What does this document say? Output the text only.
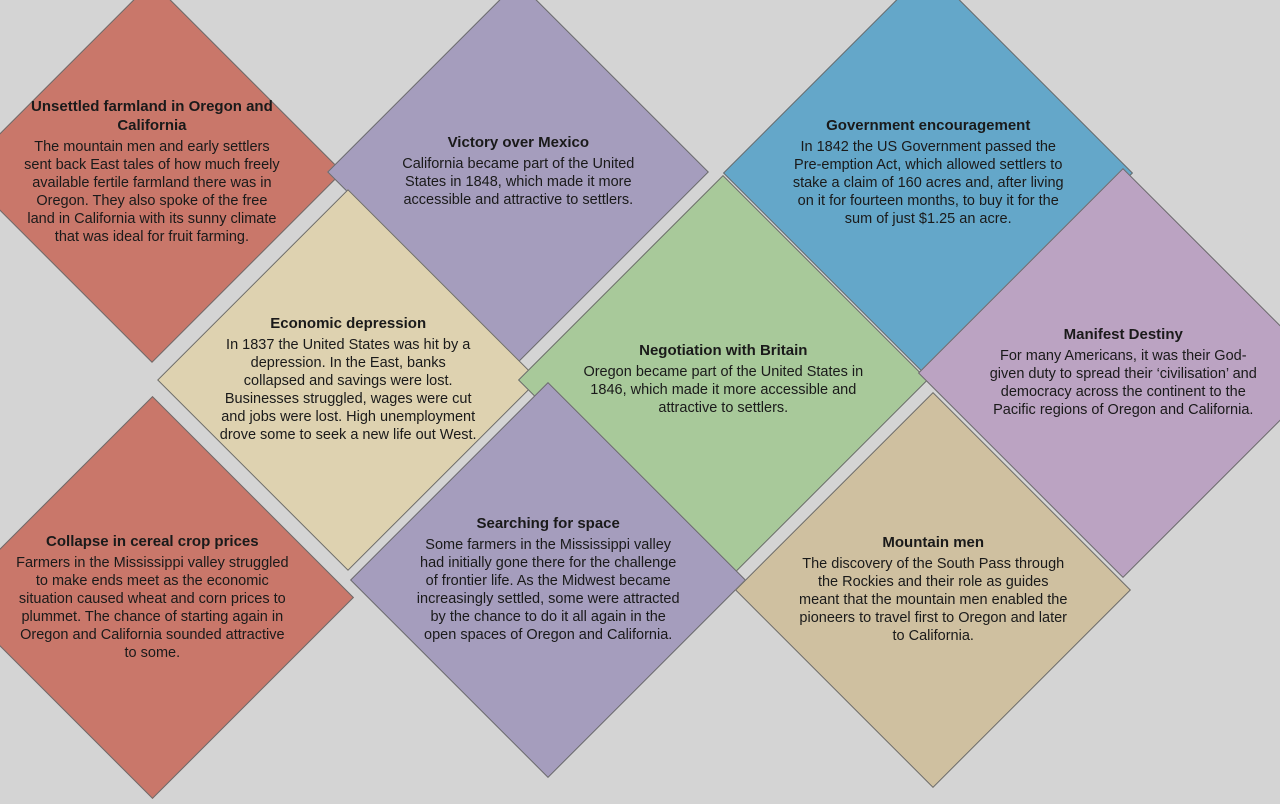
Unsettled farmland in Oregon and California
The mountain men and early settlers sent back East tales of how much freely available fertile farmland there was in Oregon. They also spoke of the free land in California with its sunny climate that was ideal for fruit farming.
Victory over Mexico
California became part of the United States in 1848, which made it more accessible and attractive to settlers.
Government encouragement
In 1842 the US Government passed the Pre-emption Act, which allowed settlers to stake a claim of 160 acres and, after living on it for fourteen months, to buy it for the sum of just $1.25 an acre.
Economic depression
In 1837 the United States was hit by a depression. In the East, banks collapsed and savings were lost. Businesses struggled, wages were cut and jobs were lost. High unemployment drove some to seek a new life out West.
Negotiation with Britain
Oregon became part of the United States in 1846, which made it more accessible and attractive to settlers.
Manifest Destiny
For many Americans, it was their God-given duty to spread their ‘civilisation’ and democracy across the continent to the Pacific regions of Oregon and California.
Collapse in cereal crop prices
Farmers in the Mississippi valley struggled to make ends meet as the economic situation caused wheat and corn prices to plummet. The chance of starting again in Oregon and California sounded attractive to some.
Searching for space
Some farmers in the Mississippi valley had initially gone there for the challenge of frontier life. As the Midwest became increasingly settled, some were attracted by the chance to do it all again in the open spaces of Oregon and California.
Mountain men
The discovery of the South Pass through the Rockies and their role as guides meant that the mountain men enabled the pioneers to travel first to Oregon and later to California.
